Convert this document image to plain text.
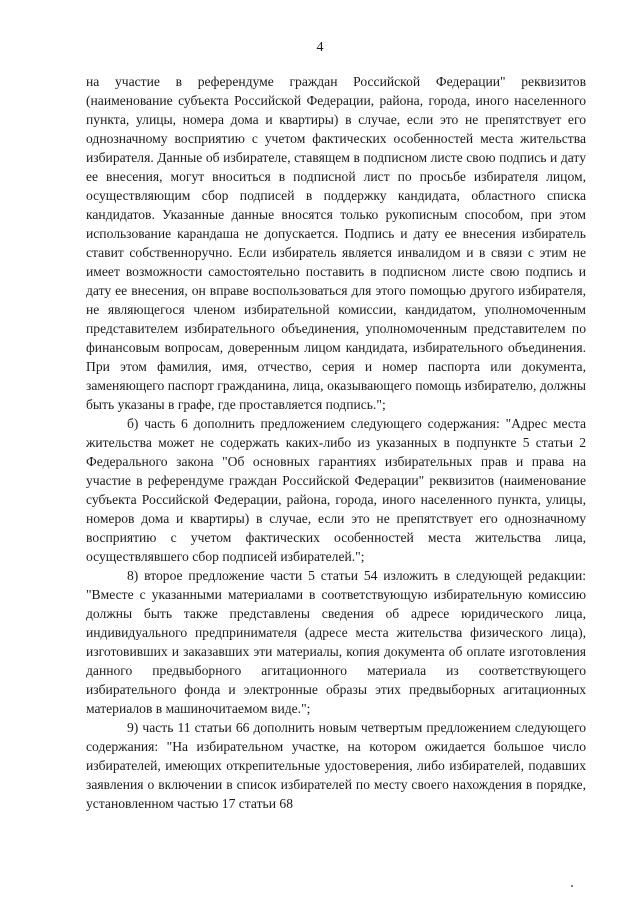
4

на участие в референдуме граждан Российской Федерации" реквизитов (наименование субъекта Российской Федерации, района, города, иного населенного пункта, улицы, номера дома и квартиры) в случае, если это не препятствует его однозначному восприятию с учетом фактических особенностей места жительства избирателя. Данные об избирателе, ставящем в подписном листе свою подпись и дату ее внесения, могут вноситься в подписной лист по просьбе избирателя лицом, осуществляющим сбор подписей в поддержку кандидата, областного списка кандидатов. Указанные данные вносятся только рукописным способом, при этом использование карандаша не допускается. Подпись и дату ее внесения избиратель ставит собственноручно. Если избиратель является инвалидом и в связи с этим не имеет возможности самостоятельно поставить в подписном листе свою подпись и дату ее внесения, он вправе воспользоваться для этого помощью другого избирателя, не являющегося членом избирательной комиссии, кандидатом, уполномоченным представителем избирательного объединения, уполномоченным представителем по финансовым вопросам, доверенным лицом кандидата, избирательного объединения. При этом фамилия, имя, отчество, серия и номер паспорта или документа, заменяющего паспорт гражданина, лица, оказывающего помощь избирателю, должны быть указаны в графе, где проставляется подпись.";

б) часть 6 дополнить предложением следующего содержания: "Адрес места жительства может не содержать каких-либо из указанных в подпункте 5 статьи 2 Федерального закона "Об основных гарантиях избирательных прав и права на участие в референдуме граждан Российской Федерации" реквизитов (наименование субъекта Российской Федерации, района, города, иного населенного пункта, улицы, номеров дома и квартиры) в случае, если это не препятствует его однозначному восприятию с учетом фактических особенностей места жительства лица, осуществлявшего сбор подписей избирателей.";

8) второе предложение части 5 статьи 54 изложить в следующей редакции: "Вместе с указанными материалами в соответствующую избирательную комиссию должны быть также представлены сведения об адресе юридического лица, индивидуального предпринимателя (адресе места жительства физического лица), изготовивших и заказавших эти материалы, копия документа об оплате изготовления данного предвыборного агитационного материала из соответствующего избирательного фонда и электронные образы этих предвыборных агитационных материалов в машиночитаемом виде.";

9) часть 11 статьи 66 дополнить новым четвертым предложением следующего содержания: "На избирательном участке, на котором ожидается большое число избирателей, имеющих открепительные удостоверения, либо избирателей, подавших заявления о включении в список избирателей по месту своего нахождения в порядке, установленном частью 17 статьи 68
